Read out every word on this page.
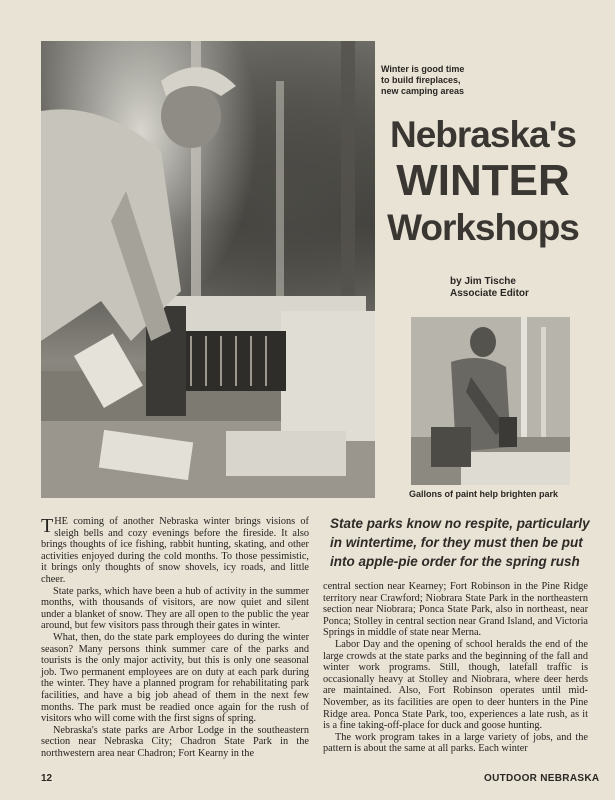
Winter is good time
to build fireplaces,
new camping areas
Nebraska's
WINTER
Workshops
by Jim Tische
Associate Editor
Gallons of paint help brighten park
State parks know no respite, particularly in wintertime, for they must then be put into apple-pie order for the spring rush

THE coming of another Nebraska winter brings visions of sleigh bells and cozy evenings before the fireside. It also brings thoughts of ice fishing, rabbit hunting, skating, and other activities enjoyed during the cold months. To those pessimistic, it brings only thoughts of snow shovels, icy roads, and little cheer.

State parks, which have been a hub of activity in the summer months, with thousands of visitors, are now quiet and silent under a blanket of snow. They are all open to the public the year around, but few visitors pass through their gates in winter.

What, then, do the state park employees do during the winter season? Many persons think summer care of the parks and tourists is the only major activity, but this is only one seasonal job. Two permanent employees are on duty at each park during the winter. They have a planned program for rehabilitating park facilities, and have a big job ahead of them in the next few months. The park must be readied once again for the rush of visitors who will come with the first signs of spring.

Nebraska's state parks are Arbor Lodge in the southeastern section near Nebraska City; Chadron State Park in the northwestern area near Chadron; Fort Kearny in the

central section near Kearney; Fort Robinson in the Pine Ridge territory near Crawford; Niobrara State Park in the northeastern section near Niobrara; Ponca State Park, also in northeast, near Ponca; Stolley in central section near Grand Island, and Victoria Springs in middle of state near Merna.

Labor Day and the opening of school heralds the end of the large crowds at the state parks and the beginning of the fall and winter work programs. Still, though, latefall traffic is occasionally heavy at Stolley and Niobrara, where deer herds are maintained. Also, Fort Robinson operates until mid-November, as its facilities are open to deer hunters in the Pine Ridge area. Ponca State Park, too, experiences a late rush, as it is a fine taking-off-place for duck and goose hunting.

The work program takes in a large variety of jobs, and the pattern is about the same at all parks. Each winter

12	OUTDOOR NEBRASKA
